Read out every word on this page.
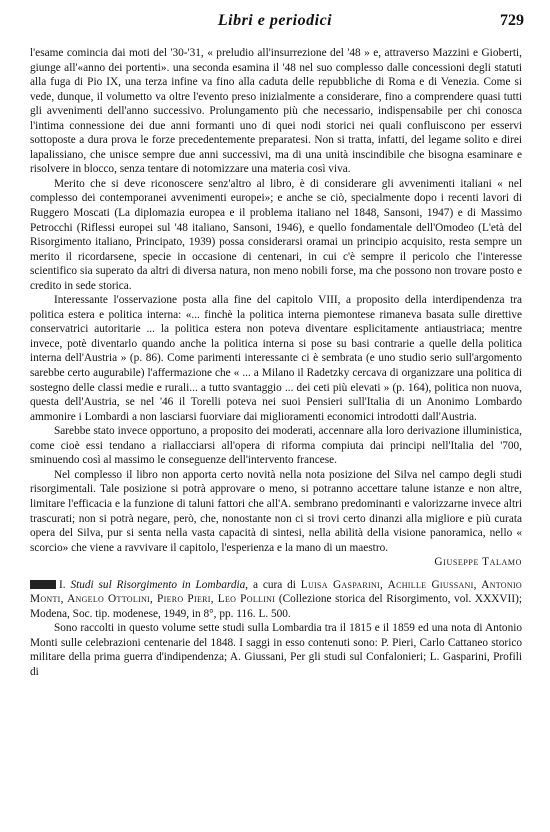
Libri e periodici	729

l'esame comincia dai moti del '30-'31, « preludio all'insurrezione del '48 » e, attraverso Mazzini e Gioberti, giunge all'«anno dei portenti». una seconda esamina il '48 nel suo complesso dalle concessioni degli statuti alla fuga di Pio IX, una terza infine va fino alla caduta delle repubbliche di Roma e di Venezia. Come si vede, dunque, il volumetto va oltre l'evento preso inizialmente a considerare, fino a comprendere quasi tutti gli avvenimenti dell'anno successivo. Prolungamento più che necessario, indispensabile per chi conosca l'intima connessione dei due anni formanti uno di quei nodi storici nei quali confluiscono per esservi sottoposte a dura prova le forze precedentemente preparatesi. Non si tratta, infatti, del legame solito e direi lapalissiano, che unisce sempre due anni successivi, ma di una unità inscindibile che bisogna esaminare e risolvere in blocco, senza tentare di notomizzare una materia così viva.

Merito che si deve riconoscere senz'altro al libro, è di considerare gli avvenimenti italiani « nel complesso dei contemporanei avvenimenti europei»; e anche se ciò, specialmente dopo i recenti lavori di Ruggero Moscati (La diplomazia europea e il problema italiano nel 1848, Sansoni, 1947) e di Massimo Petrocchi (Riflessi europei sul '48 italiano, Sansoni, 1946), e quello fondamentale dell'Omodeo (L'età del Risorgimento italiano, Principato, 1939) possa considerarsi oramai un principio acquisito, resta sempre un merito il ricordarsene, specie in occasione di centenari, in cui c'è sempre il pericolo che l'interesse scientifico sia superato da altri di diversa natura, non meno nobili forse, ma che possono non trovare posto e credito in sede storica.

Interessante l'osservazione posta alla fine del capitolo VIII, a proposito della interdipendenza tra politica estera e politica interna: «... finchè la politica interna piemontese rimaneva basata sulle direttive conservatrici autoritarie ... la politica estera non poteva diventare esplicitamente antiaustriaca; mentre invece, potè diventarlo quando anche la politica interna si pose su basi contrarie a quelle della politica interna dell'Austria » (p. 86). Come parimenti interessante ci è sembrata (e uno studio serio sull'argomento sarebbe certo augurabile) l'affermazione che « ... a Milano il Radetzky cercava di organizzare una politica di sostegno delle classi medie e rurali... a tutto svantaggio ... dei ceti più elevati » (p. 164), politica non nuova, questa dell'Austria, se nel '46 il Torelli poteva nei suoi Pensieri sull'Italia di un Anonimo Lombardo ammonire i Lombardi a non lasciarsi fuorviare dai miglioramenti economici introdotti dall'Austria.

Sarebbe stato invece opportuno, a proposito dei moderati, accennare alla loro derivazione illuministica, come cioè essi tendano a riallacciarsi all'opera di riforma compiuta dai principi nell'Italia del '700, sminuendo così al massimo le conseguenze dell'intervento francese.

Nel complesso il libro non apporta certo novità nella nota posizione del Silva nel campo degli studi risorgimentali. Tale posizione si potrà approvare o meno, si potranno accettare talune istanze e non altre, limitare l'efficacia e la funzione di taluni fattori che all'A. sembrano predominanti e valorizzarne invece altri trascurati; non si potrà negare, però, che, nonostante non ci si trovi certo dinanzi alla migliore e più curata opera del Silva, pur si senta nella vasta capacità di sintesi, nella abilità della visione panoramica, nello « scorcio» che viene a ravvivare il capitolo, l'esperienza e la mano di un maestro.

Giuseppe Talamo

I. Studi sul Risorgimento in Lombardia, a cura di Luisa Gasparini, Achille Giussani, Antonio Monti, Angelo Ottolini, Piero Pieri, Leo Pollini (Collezione storica del Risorgimento, vol. XXXVII); Modena, Soc. tip. modenese, 1949, in 8°, pp. 116. L. 500.

Sono raccolti in questo volume sette studi sulla Lombardia tra il 1815 e il 1859 ed una nota di Antonio Monti sulle celebrazioni centenarie del 1848. I saggi in esso contenuti sono: P. Pieri, Carlo Cattaneo storico militare della prima guerra d'indipendenza; A. Giussani, Per gli studi sul Confalonieri; L. Gasparini, Profili di
